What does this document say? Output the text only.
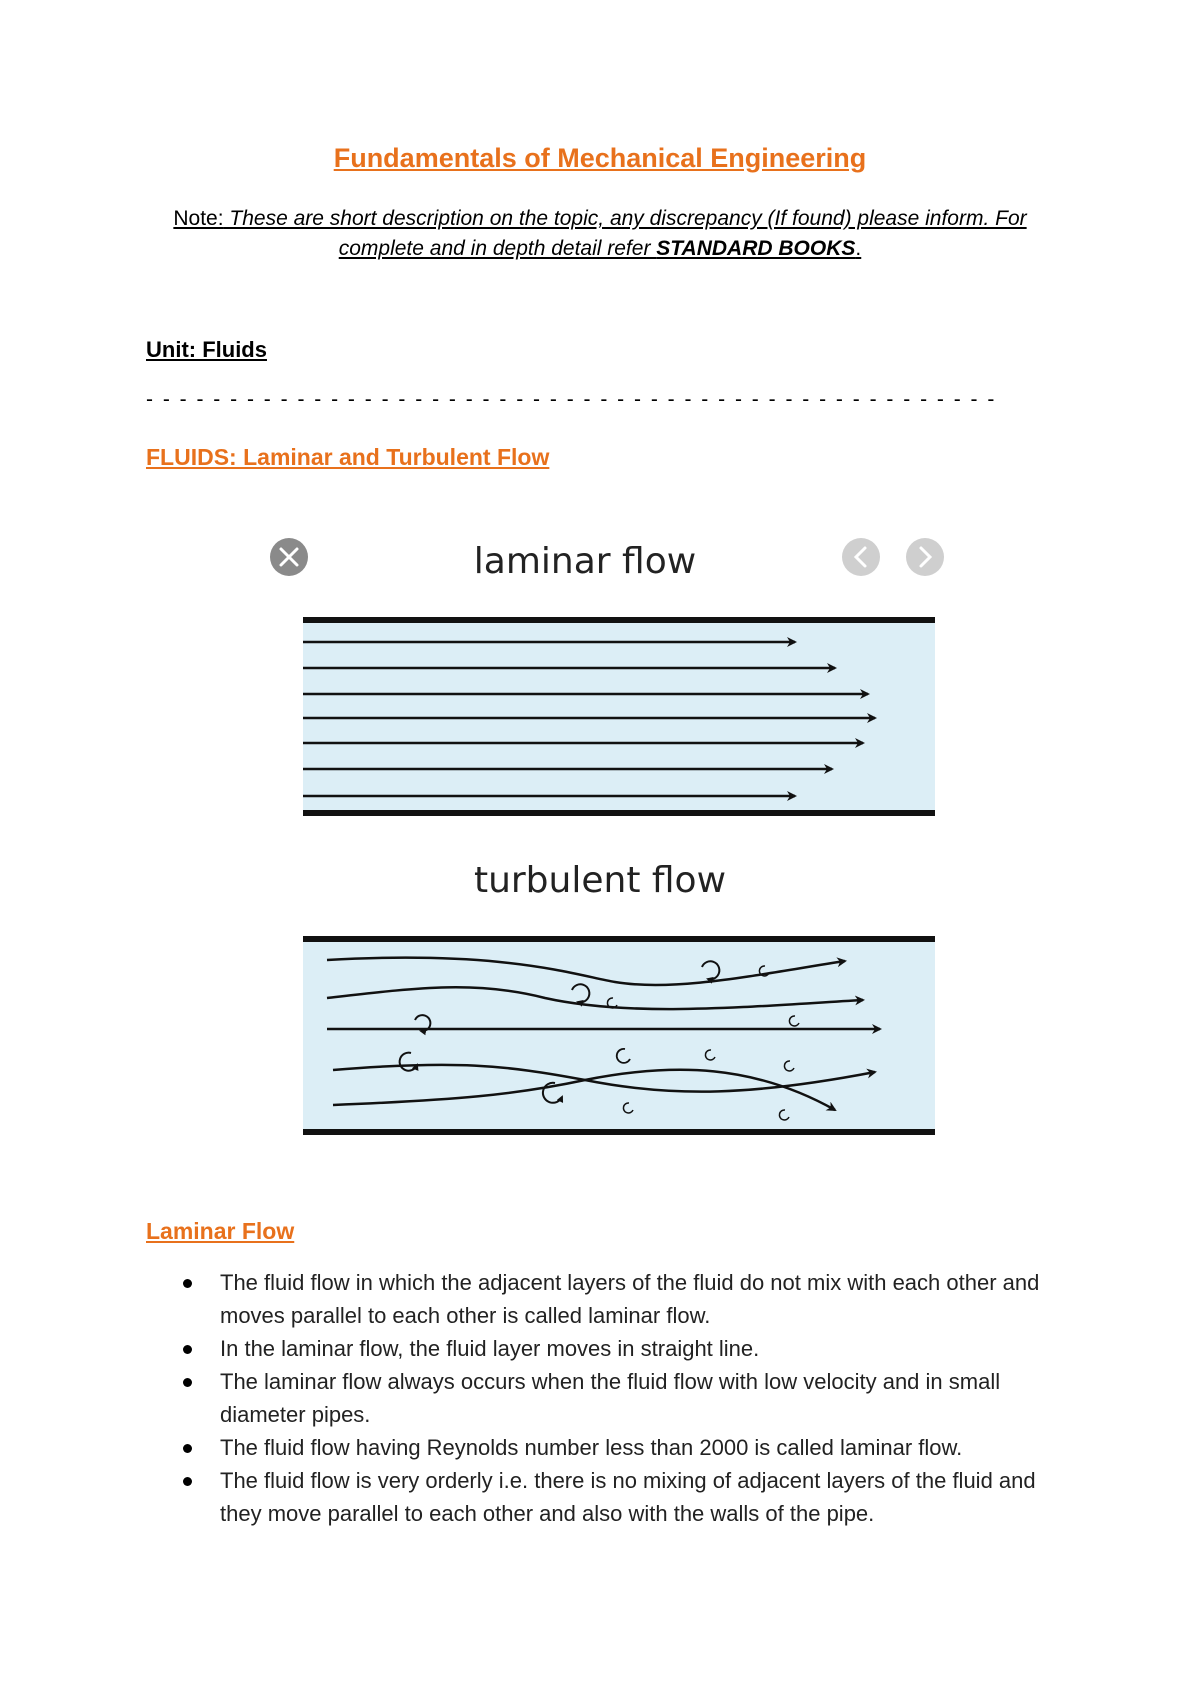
Fundamentals of Mechanical Engineering
Note: These are short description on the topic, any discrepancy (If found) please inform. For complete and in depth detail refer STANDARD BOOKS.
Unit: Fluids
- - - - - - - - - - - - - - - - - - - - - - - - - - - - - - - - - - - - - - - - - - - - - - - - - - -
FLUIDS: Laminar and Turbulent Flow
laminar flow
turbulent flow
Laminar Flow
The fluid flow in which the adjacent layers of the fluid do not mix with each other and moves parallel to each other is called laminar flow.
In the laminar flow, the fluid layer moves in straight line.
The laminar flow always occurs when the fluid flow with low velocity and in small diameter pipes.
The fluid flow having Reynolds number less than 2000 is called laminar flow.
The fluid flow is very orderly i.e. there is no mixing of adjacent layers of the fluid and they move parallel to each other and also with the walls of the pipe.
